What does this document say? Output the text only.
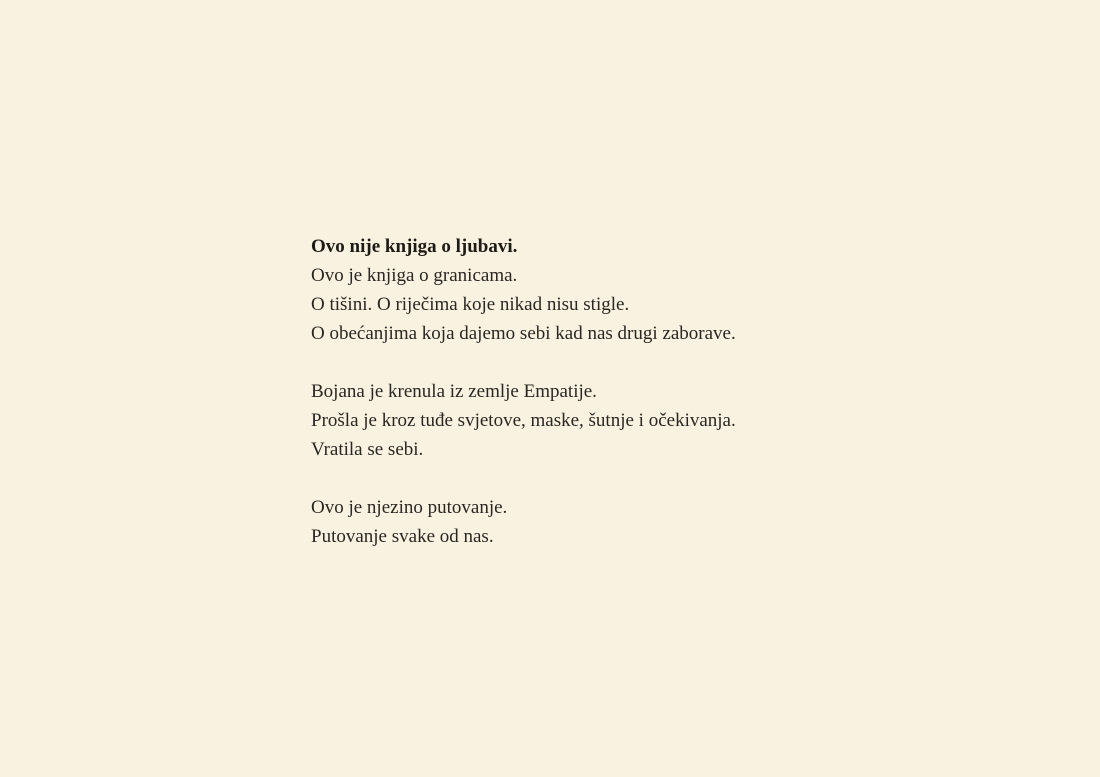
Ovo nije knjiga o ljubavi.
Ovo je knjiga o granicama.
O tišini. O riječima koje nikad nisu stigle.
O obećanjima koja dajemo sebi kad nas drugi zaborave.
Bojana je krenula iz zemlje Empatije.
Prošla je kroz tuđe svjetove, maske, šutnje i očekivanja.
Vratila se sebi.
Ovo je njezino putovanje.
Putovanje svake od nas.
